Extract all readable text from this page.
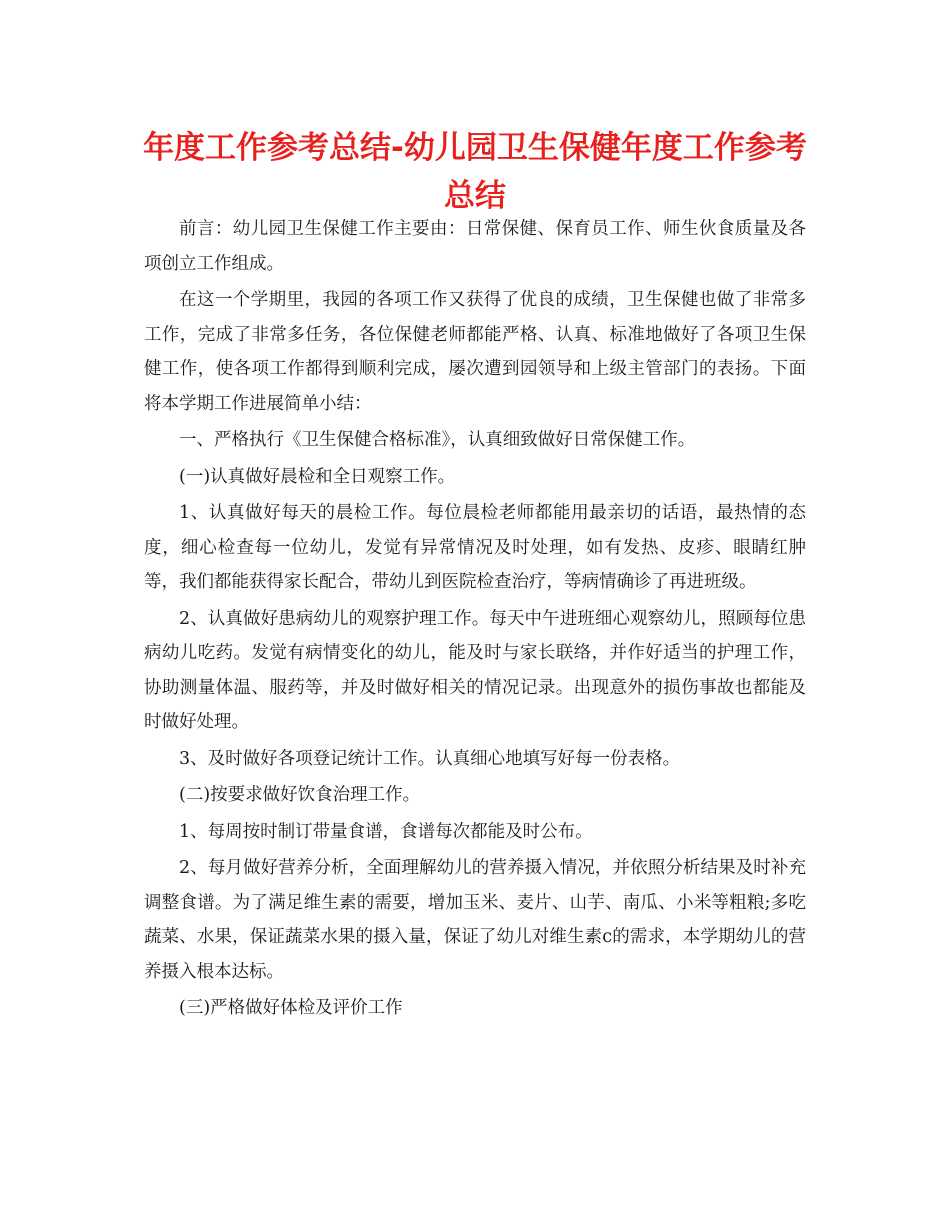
年度工作参考总结-幼儿园卫生保健年度工作参考总结

前言：幼儿园卫生保健工作主要由：日常保健、保育员工作、师生伙食质量及各项创立工作组成。

在这一个学期里，我园的各项工作又获得了优良的成绩，卫生保健也做了非常多工作，完成了非常多任务，各位保健老师都能严格、认真、标准地做好了各项卫生保健工作，使各项工作都得到顺利完成，屡次遭到园领导和上级主管部门的表扬。下面将本学期工作进展简单小结：

一、严格执行《卫生保健合格标准》，认真细致做好日常保健工作。

(一)认真做好晨检和全日观察工作。

1、认真做好每天的晨检工作。每位晨检老师都能用最亲切的话语，最热情的态度，细心检查每一位幼儿，发觉有异常情况及时处理，如有发热、皮疹、眼睛红肿等，我们都能获得家长配合，带幼儿到医院检查治疗，等病情确诊了再进班级。

2、认真做好患病幼儿的观察护理工作。每天中午进班细心观察幼儿，照顾每位患病幼儿吃药。发觉有病情变化的幼儿，能及时与家长联络，并作好适当的护理工作，协助测量体温、服药等，并及时做好相关的情况记录。出现意外的损伤事故也都能及时做好处理。

3、及时做好各项登记统计工作。认真细心地填写好每一份表格。

(二)按要求做好饮食治理工作。

1、每周按时制订带量食谱，食谱每次都能及时公布。

2、每月做好营养分析，全面理解幼儿的营养摄入情况，并依照分析结果及时补充调整食谱。为了满足维生素的需要，增加玉米、麦片、山芋、南瓜、小米等粗粮;多吃蔬菜、水果，保证蔬菜水果的摄入量，保证了幼儿对维生素c的需求，本学期幼儿的营养摄入根本达标。

(三)严格做好体检及评价工作
